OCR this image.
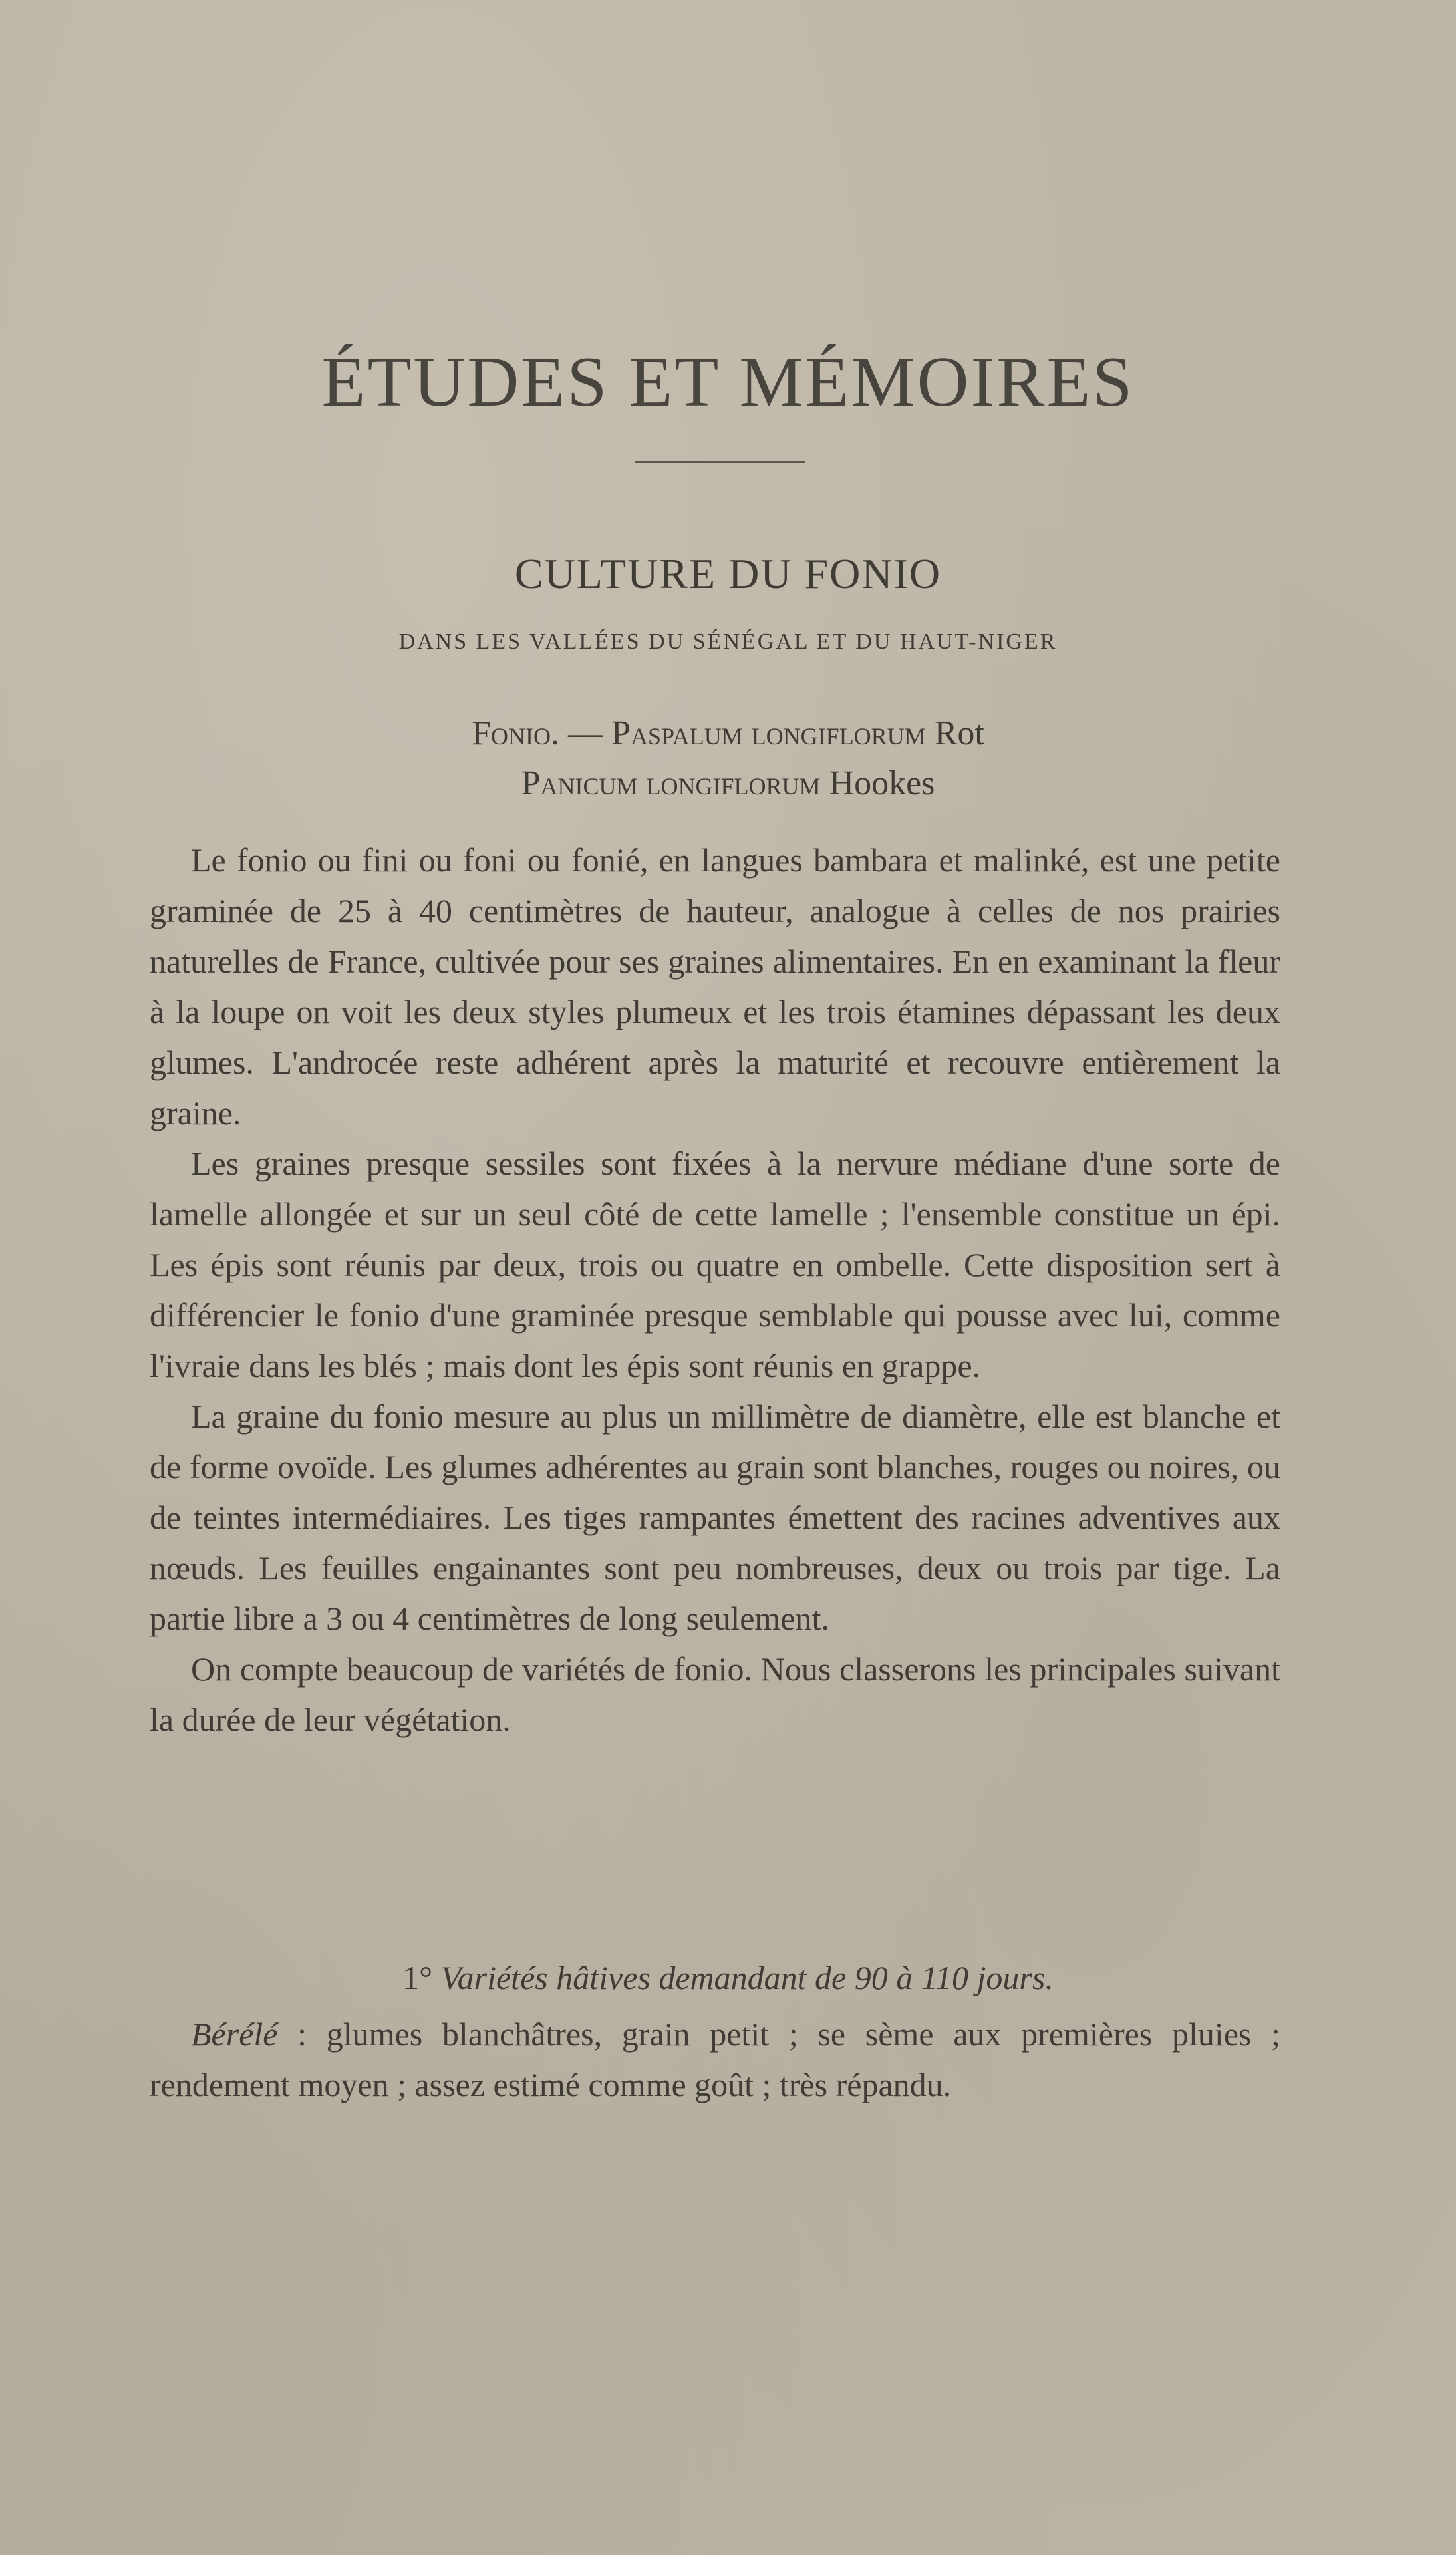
ÉTUDES ET MÉMOIRES
CULTURE DU FONIO
DANS LES VALLÉES DU SÉNÉGAL ET DU HAUT-NIGER
Fonio. — Paspalum longiflorum Rot
Panicum longiflorum Hookes

Le fonio ou fini ou foni ou fonié, en langues bambara et malinké, est une petite graminée de 25 à 40 centimètres de hauteur, analogue à celles de nos prairies naturelles de France, cultivée pour ses graines alimentaires. En en examinant la fleur à la loupe on voit les deux styles plumeux et les trois étamines dépassant les deux glumes. L'androcée reste adhérent après la maturité et recouvre entièrement la graine.

Les graines presque sessiles sont fixées à la nervure médiane d'une sorte de lamelle allongée et sur un seul côté de cette lamelle ; l'ensemble constitue un épi. Les épis sont réunis par deux, trois ou quatre en ombelle. Cette disposition sert à différencier le fonio d'une graminée presque semblable qui pousse avec lui, comme l'ivraie dans les blés ; mais dont les épis sont réunis en grappe.

La graine du fonio mesure au plus un millimètre de diamètre, elle est blanche et de forme ovoïde. Les glumes adhérentes au grain sont blanches, rouges ou noires, ou de teintes intermédiaires. Les tiges rampantes émettent des racines adventives aux nœuds. Les feuilles engainantes sont peu nombreuses, deux ou trois par tige. La partie libre a 3 ou 4 centimètres de long seulement.

On compte beaucoup de variétés de fonio. Nous classerons les principales suivant la durée de leur végétation.

1° Variétés hâtives demandant de 90 à 110 jours.

Bérélé : glumes blanchâtres, grain petit ; se sème aux premières pluies ; rendement moyen ; assez estimé comme goût ; très répandu.
